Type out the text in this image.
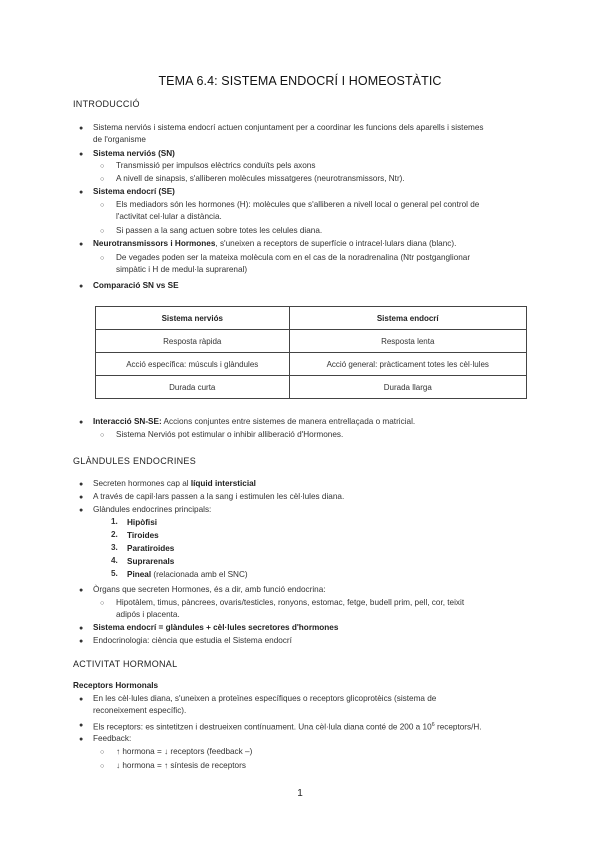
TEMA 6.4: SISTEMA ENDOCRÍ I HOMEOSTÀTIC
INTRODUCCIÓ
● Sistema nerviós i sistema endocrí actuen conjuntament per a coordinar les funcions dels aparells i sistemes
de l'organisme
● Sistema nerviós (SN)
○ Transmissió per impulsos elèctrics conduïts pels axons
○ A nivell de sinapsis, s'alliberen molècules missatgeres (neurotransmissors, Ntr).
● Sistema endocrí (SE)
○ Els mediadors són les hormones (H): molècules que s'alliberen a nivell local o general pel control de
l'activitat cel·lular a distància.
○ Si passen a la sang actuen sobre totes les celules diana.
● Neurotransmissors i Hormones, s'uneixen a receptors de superfície o intracel·lulars diana (blanc).
○ De vegades poden ser la mateixa molècula com en el cas de la noradrenalina (Ntr postganglionar
simpàtic i H de medul·la suprarenal)
● Comparació SN vs SE
Sistema nerviós	Sistema endocrí
Resposta ràpida	Resposta lenta
Acció específica: músculs i glàndules	Acció general: pràcticament totes les cèl·lules
Durada curta	Durada llarga
● Interacció SN-SE: Accions conjuntes entre sistemes de manera entrellaçada o matricial.
○ Sistema Nerviós pot estimular o inhibir alliberació d'Hormones.
GLÀNDULES ENDOCRINES
● Secreten hormones cap al líquid intersticial
● A través de capil·lars passen a la sang i estimulen les cèl·lules diana.
● Glàndules endocrines principals:
1. Hipòfisi
2. Tiroides
3. Paratiroides
4. Suprarenals
5. Pineal (relacionada amb el SNC)
● Òrgans que secreten Hormones, és a dir, amb funció endocrina:
○ Hipotàlem, timus, pàncrees, ovaris/testicles, ronyons, estomac, fetge, budell prim, pell, cor, teixit
adipós i placenta.
● Sistema endocrí = glàndules + cèl·lules secretores d'hormones
● Endocrinologia: ciència que estudia el Sistema endocrí
ACTIVITAT HORMONAL
Receptors Hormonals
● En les cèl·lules diana, s'uneixen a proteïnes específiques o receptors glicoprotèics (sistema de
reconeixement específic).
● Els receptors: es sintetitzen i destrueixen contínuament. Una cèl·lula diana conté de 200 a $10^6$ receptors/H.
● Feedback:
○ ↑ hormona = ↓ receptors (feedback –)
○ ↓ hormona = ↑ síntesis de receptors
1
